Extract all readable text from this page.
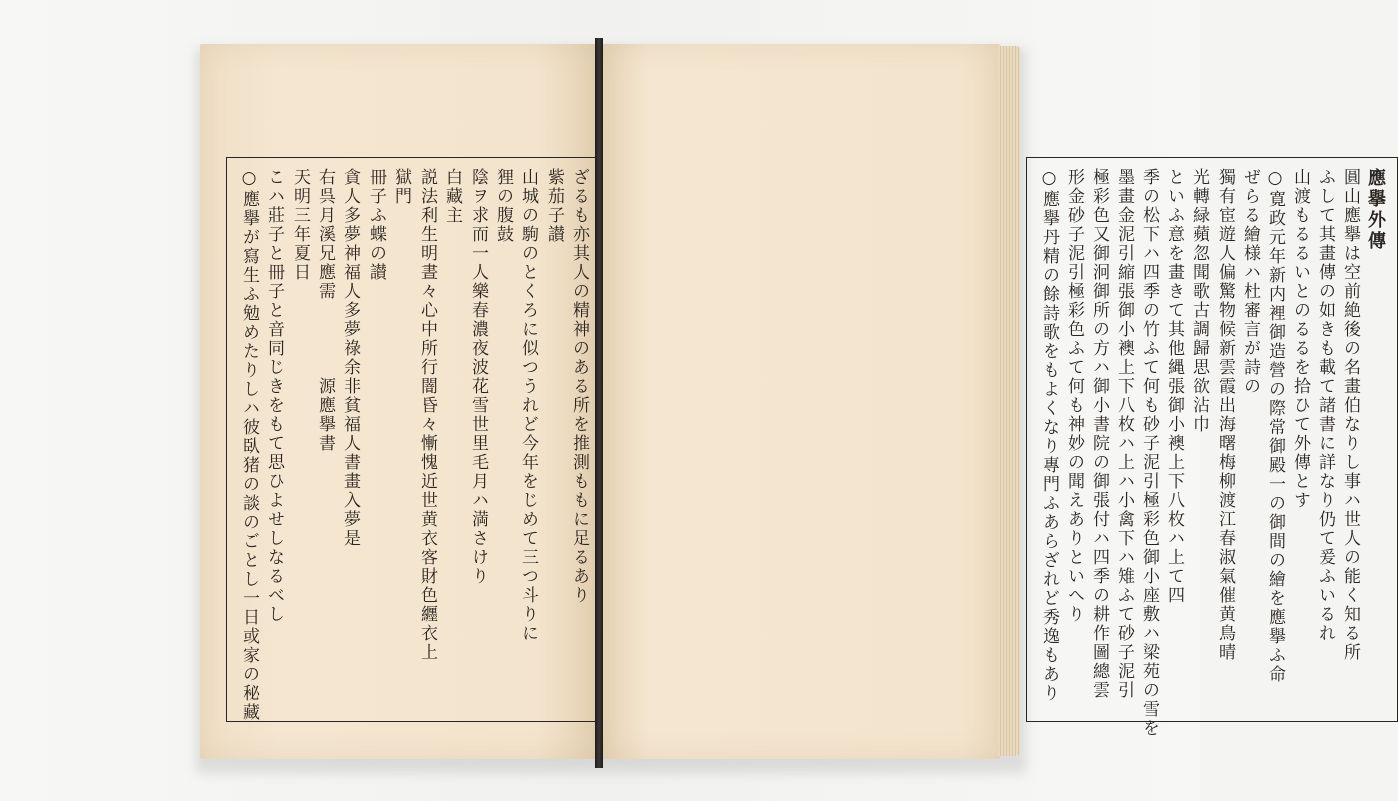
ざるも亦其人の精神のある所を推測ももに足るあり
紫茄子讃
山城の駒のとくろに似つうれど今年をじめて三つ斗りに
狸の腹鼓
陰ヲ求而一人樂春濃夜波花雪世里毛月ハ満さけり
白藏主
説法利生明晝々心中所行闇昏々慚愧近世黄衣客財色纒衣上
獄門
冊子ふ蝶の讃
貪人多夢神福人多夢祿余非貧福人書畫入夢是
右呉月溪兄應需　　　　源應擧書
天明三年夏日
こハ莊子と冊子と音同じきをもて思ひよせしなるべし
○應擧が寫生ふ勉めたりしハ彼臥猪の談のごとし一日或家の秘藏	應擧外傳
圓山應擧は空前絶後の名畫伯なりし事ハ世人の能く知る所
ふして其畫傳の如きも載て諸書に詳なり仍て爰ふいるれ
山渡もるるいとのるるを拾ひて外傳とす
○寛政元年新内裡御造營の際常御殿一の御間の繪を應擧ふ命
ぜらる繪様ハ杜審言が詩の
獨有宦遊人偏驚物候新雲霞出海曙梅柳渡江春淑氣催黄鳥晴
光轉緑蘋忽聞歌古調歸思欲沾巾
といふ意を畫きて其他縄張御小襖上下八枚ハ上て四
季の松下ハ四季の竹ふて何も砂子泥引極彩色御小座敷ハ梁苑の雪を
墨畫金泥引縮張御小襖上下八枚ハ上ハ小禽下ハ雉ふて砂子泥引
極彩色又御泂御所の方ハ御小書院の御張付ハ四季の耕作圖總雲
形金砂子泥引極彩色ふて何も神妙の聞えありといへり
○應擧丹精の餘詩歌をもよくなり專門ふあらざれど秀逸もあり
